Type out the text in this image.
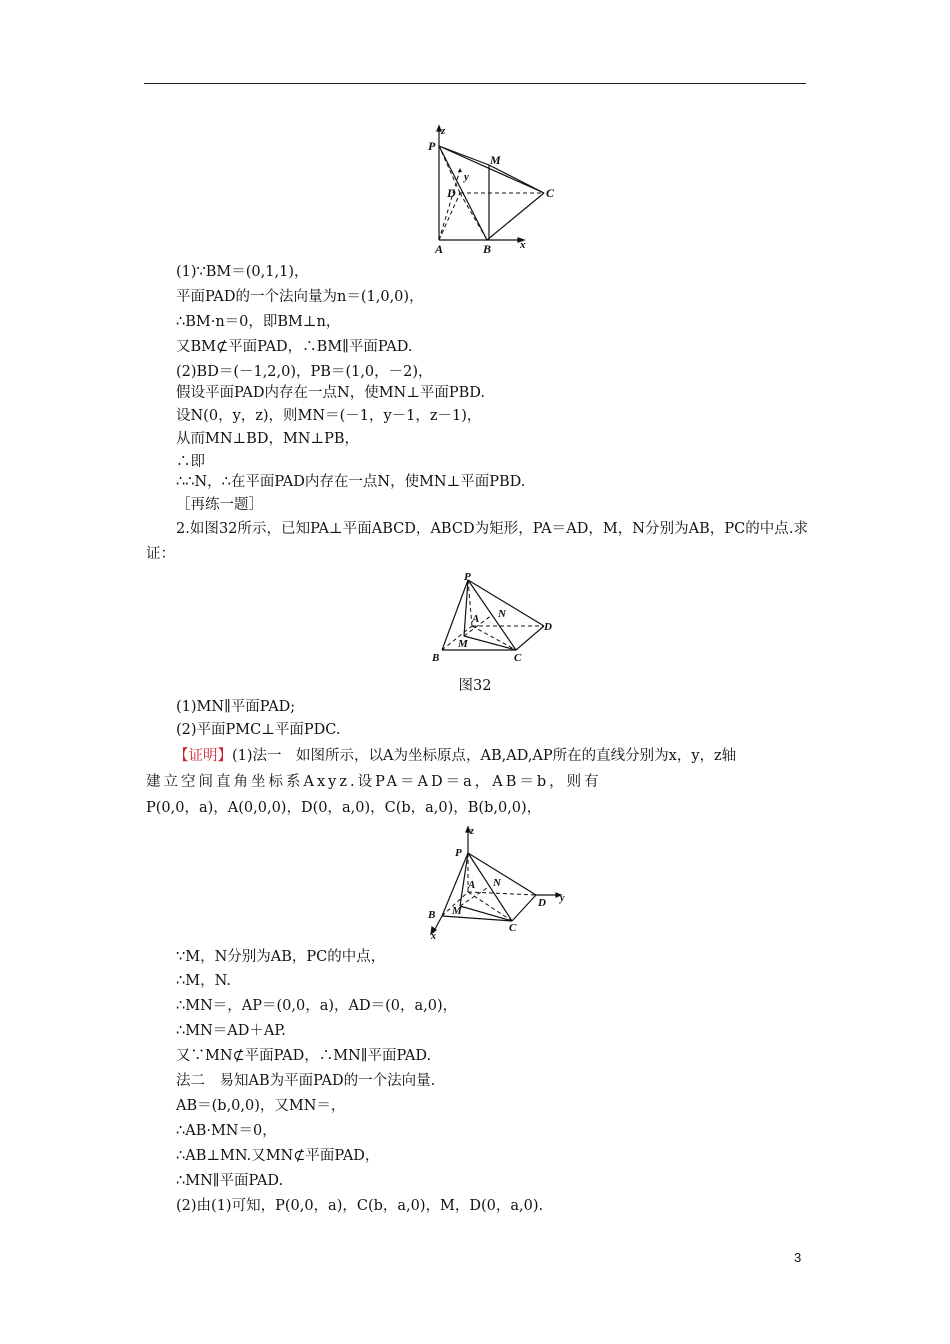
z
P
M
y
D	C
A	B	x
(1)∵BM＝(0,1,1)，
平面PAD的一个法向量为n＝(1,0,0)，
∴BM·n＝0，即BM⊥n，
又BM⊄平面PAD，∴BM∥平面PAD.
(2)BD＝(－1,2,0)，PB＝(1,0，－2)，
假设平面PAD内存在一点N，使MN⊥平面PBD.
设N(0，y，z)，则MN＝(－1，y－1，z－1)，
从而MN⊥BD，MN⊥PB，
∴即
∴∴N，∴在平面PAD内存在一点N，使MN⊥平面PBD.
［再练一题］
2.如图32所示，已知PA⊥平面ABCD，ABCD为矩形，PA＝AD，M，N分别为AB，PC的中点.求证：
P
A N
D
M
B	C
图32
(1)MN∥平面PAD;
(2)平面PMC⊥平面PDC.
【证明】(1)法一　如图所示，以A为坐标原点，AB,AD,AP所在的直线分别为x，y，z轴
建立空间直角坐标系Axyz.设PA＝AD＝a，AB＝b，则有
P(0,0，a)，A(0,0,0)，D(0，a,0)，C(b，a,0)，B(b,0,0)，
z
P
A N
D y
B M
x
C
∵M，N分别为AB，PC的中点，
∴M，N.
∴MN＝，AP＝(0,0，a)，AD＝(0，a,0)，
∴MN＝AD＋AP.
又∵MN⊄平面PAD，∴MN∥平面PAD.
法二　易知AB为平面PAD的一个法向量.
AB＝(b,0,0)，又MN＝，
∴AB·MN＝0，
∴AB⊥MN.又MN⊄平面PAD，
∴MN∥平面PAD.
(2)由(1)可知，P(0,0，a)，C(b，a,0)，M，D(0，a,0).
3
